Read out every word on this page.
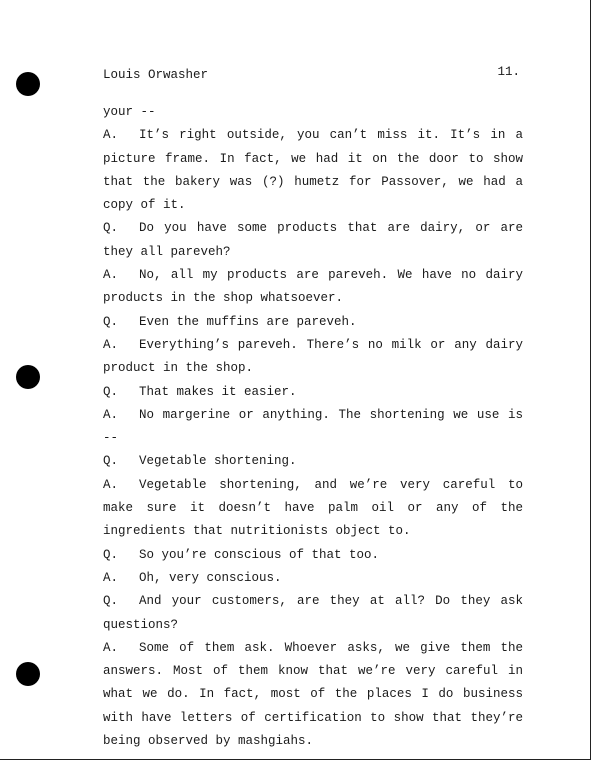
Louis Orwasher	11.

your --

A. It’s right outside, you can’t miss it. It’s in a picture frame. In fact, we had it on the door to show that the bakery was (?) humetz for Passover, we had a copy of it.

Q. Do you have some products that are dairy, or are they all pareveh?

A. No, all my products are pareveh. We have no dairy products in the shop whatsoever.

Q. Even the muffins are pareveh.

A. Everything’s pareveh. There’s no milk or any dairy product in the shop.

Q. That makes it easier.

A. No margerine or anything. The shortening we use is --

Q. Vegetable shortening.

A. Vegetable shortening, and we’re very careful to make sure it doesn’t have palm oil or any of the ingredients that nutritionists object to.

Q. So you’re conscious of that too.

A. Oh, very conscious.

Q. And your customers, are they at all? Do they ask questions?

A. Some of them ask. Whoever asks, we give them the answers. Most of them know that we’re very careful in what we do. In fact, most of the places I do business with have letters of certification to show that they’re being observed by mashgiahs.
